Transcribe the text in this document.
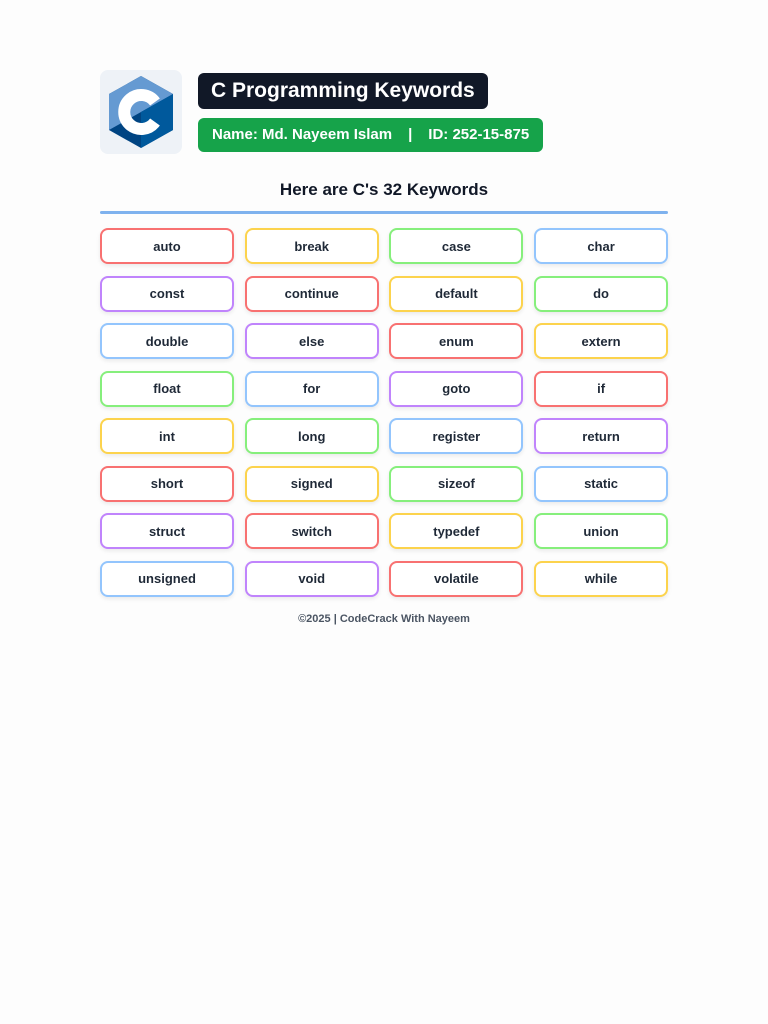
C Programming Keywords
Name: Md. Nayeem Islam | ID: 252-15-875
Here are C's 32 Keywords
auto	break	case	char
const	continue	default	do
double	else	enum	extern
float	for	goto	if
int	long	register	return
short	signed	sizeof	static
struct	switch	typedef	union
unsigned	void	volatile	while
©2025 | CodeCrack With Nayeem
